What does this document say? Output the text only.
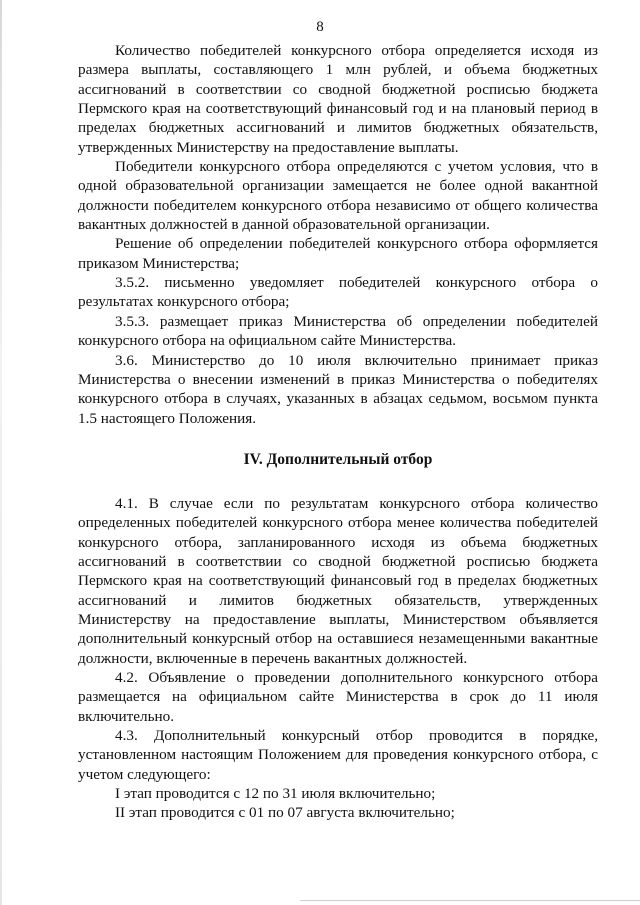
8

Количество победителей конкурсного отбора определяется исходя из размера выплаты, составляющего 1 млн рублей, и объема бюджетных ассигнований в соответствии со сводной бюджетной росписью бюджета Пермского края на соответствующий финансовый год и на плановый период в пределах бюджетных ассигнований и лимитов бюджетных обязательств, утвержденных Министерству на предоставление выплаты.

Победители конкурсного отбора определяются с учетом условия, что в одной образовательной организации замещается не более одной вакантной должности победителем конкурсного отбора независимо от общего количества вакантных должностей в данной образовательной организации.

Решение об определении победителей конкурсного отбора оформляется приказом Министерства;

3.5.2. письменно уведомляет победителей конкурсного отбора о результатах конкурсного отбора;

3.5.3. размещает приказ Министерства об определении победителей конкурсного отбора на официальном сайте Министерства.

3.6. Министерство до 10 июля включительно принимает приказ Министерства о внесении изменений в приказ Министерства о победителях конкурсного отбора в случаях, указанных в абзацах седьмом, восьмом пункта 1.5 настоящего Положения.

IV. Дополнительный отбор

4.1. В случае если по результатам конкурсного отбора количество определенных победителей конкурсного отбора менее количества победителей конкурсного отбора, запланированного исходя из объема бюджетных ассигнований в соответствии со сводной бюджетной росписью бюджета Пермского края на соответствующий финансовый год в пределах бюджетных ассигнований и лимитов бюджетных обязательств, утвержденных Министерству на предоставление выплаты, Министерством объявляется дополнительный конкурсный отбор на оставшиеся незамещенными вакантные должности, включенные в перечень вакантных должностей.

4.2. Объявление о проведении дополнительного конкурсного отбора размещается на официальном сайте Министерства в срок до 11 июля включительно.

4.3. Дополнительный конкурсный отбор проводится в порядке, установленном настоящим Положением для проведения конкурсного отбора, с учетом следующего:

I этап проводится с 12 по 31 июля включительно;

II этап проводится с 01 по 07 августа включительно;
